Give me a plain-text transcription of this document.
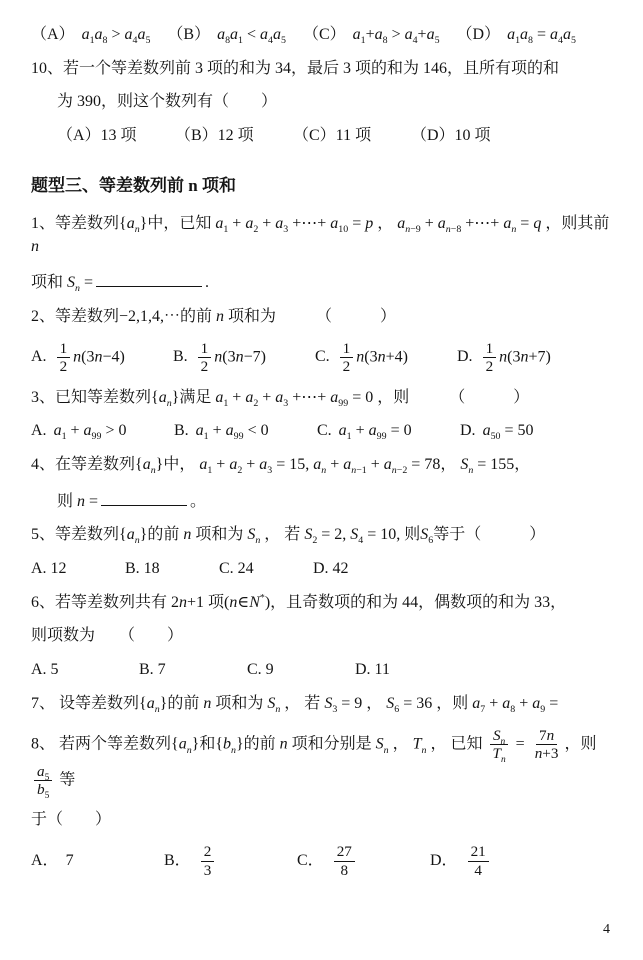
（A） $a_1a_8 > a_4a_5$ （B） $a_8a_1 < a_4a_5$ （C） $a_1+a_8 > a_4+a_5$ （D） $a_1a_8 = a_4a_5$
10、若一个等差数列前 3 项的和为 34，最后 3 项的和为 146，且所有项的和
为 390，则这个数列有（　　）
（A）13 项	（B）12 项	（C）11 项	（D）10 项
题型三、等差数列前 n 项和
1、等差数列$\{a_n\}$中，已知 $a_1 + a_2 + a_3$ +⋯+ $a_{10} = p$ ， $a_{n-9} + a_{n-8}$ +⋯+ $a_n = q$ ，则其前 n
项和 $S_n$ =	.
2、等差数列−2,1,4,⋯的前 n 项和为　　　（　　　）
A. $\frac{1}{2} n(3n-4)$	B. $\frac{1}{2} n(3n-7)$	C. $\frac{1}{2} n(3n+4)$	D. $\frac{1}{2} n(3n+7)$
3、已知等差数列$\{a_n\}$满足 $a_1 + a_2 + a_3$ +⋯+ $a_{99} = 0$ ，则　　　（　　　）
A. $a_1 + a_{99} > 0$	B. $a_1 + a_{99} < 0$	C. $a_1 + a_{99} = 0$	D. $a_{50} = 50$
4、在等差数列$\{a_n\}$中， $a_1 + a_2 + a_3 = 15$, $a_n + a_{n-1} + a_{n-2} = 78$， $S_n = 155$，
则 n =	。
5、等差数列$\{a_n\}$的前 n 项和为 $S_n$ ， 若 $S_2 = 2$, $S_4 = 10$, 则$S_6$等于（　　　）
A. 12	B. 18	C. 24	D. 42
6、若等差数列共有 2n+1 项(n∈N*)，且奇数项的和为 44，偶数项的和为 33，
则项数为　　（　　）
A. 5	B. 7	C. 9	D. 11
7、 设等差数列$\{a_n\}$的前 n 项和为 $S_n$ ， 若 $S_3 = 9$ ， $S_6 = 36$ ，则 $a_7 + a_8 + a_9$ =
8、 若两个等差数列$\{a_n\}$和$\{b_n\}$的前 n 项和分别是 $S_n$ ， $T_n$ ， 已知 $\frac{S_n}{T_n} = \frac{7n}{n+3}$ ，则
$\frac{a_5}{b_5}$ 等
于（　　）
A． 7	B． $\frac{2}{3}$	C． $\frac{27}{8}$	D． $\frac{21}{4}$
4
